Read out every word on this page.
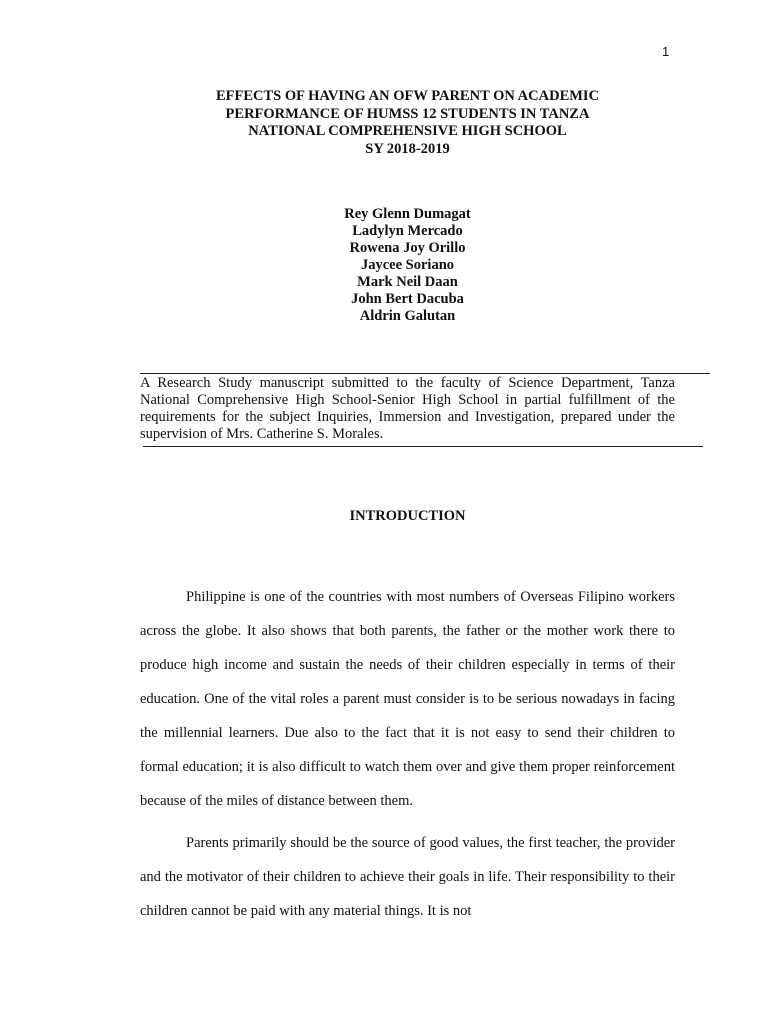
1
EFFECTS OF HAVING AN OFW PARENT ON ACADEMIC
PERFORMANCE OF HUMSS 12 STUDENTS IN TANZA
NATIONAL COMPREHENSIVE HIGH SCHOOL
SY 2018-2019
Rey Glenn Dumagat
Ladylyn Mercado
Rowena Joy Orillo
Jaycee Soriano
Mark Neil Daan
John Bert Dacuba
Aldrin Galutan
A Research Study manuscript submitted to the faculty of Science Department, Tanza National Comprehensive High School-Senior High School in partial fulfillment of the requirements for the subject Inquiries, Immersion and Investigation, prepared under the supervision of Mrs. Catherine S. Morales.
INTRODUCTION

Philippine is one of the countries with most numbers of Overseas Filipino workers across the globe. It also shows that both parents, the father or the mother work there to produce high income and sustain the needs of their children especially in terms of their education. One of the vital roles a parent must consider is to be serious nowadays in facing the millennial learners. Due also to the fact that it is not easy to send their children to formal education; it is also difficult to watch them over and give them proper reinforcement because of the miles of distance between them.

Parents primarily should be the source of good values, the first teacher, the provider and the motivator of their children to achieve their goals in life. Their responsibility to their children cannot be paid with any material things. It is not
